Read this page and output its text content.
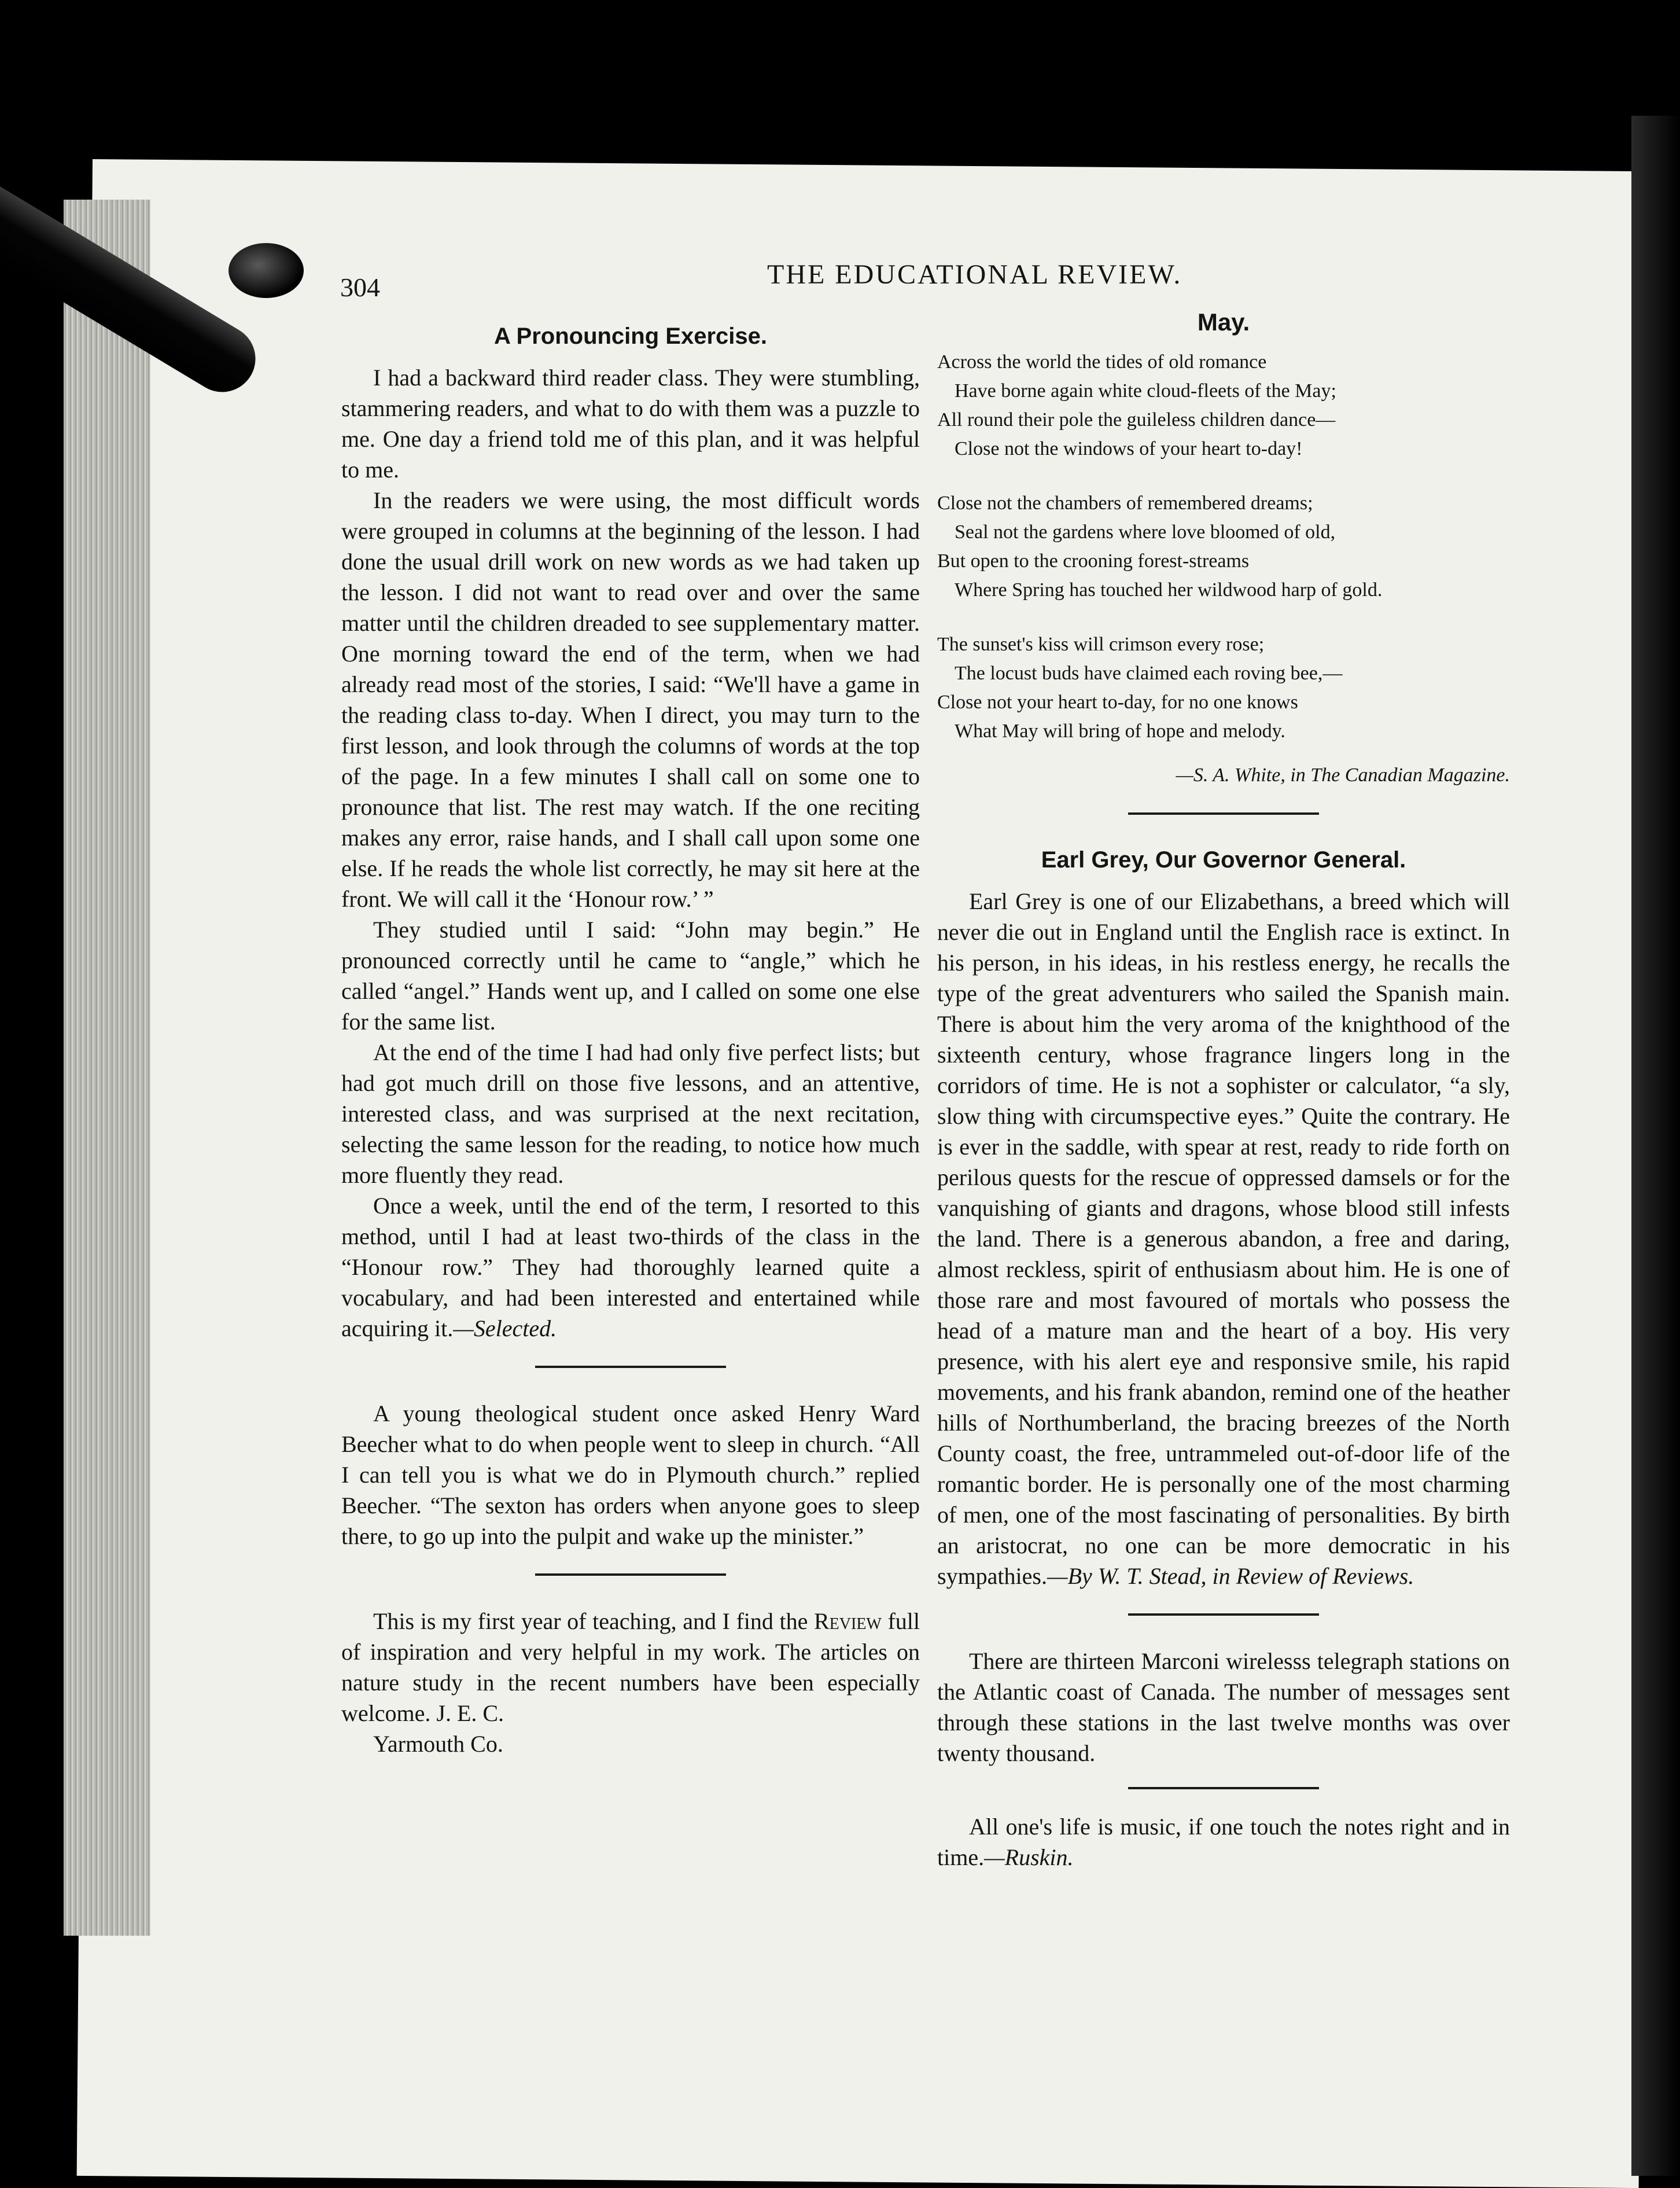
304	THE EDUCATIONAL REVIEW.
A Pronouncing Exercise.

I had a backward third reader class. They were stumbling, stammering readers, and what to do with them was a puzzle to me. One day a friend told me of this plan, and it was helpful to me.

In the readers we were using, the most difficult words were grouped in columns at the beginning of the lesson. I had done the usual drill work on new words as we had taken up the lesson. I did not want to read over and over the same matter until the children dreaded to see supplementary matter. One morning toward the end of the term, when we had already read most of the stories, I said: “We'll have a game in the reading class to-day. When I direct, you may turn to the first lesson, and look through the columns of words at the top of the page. In a few minutes I shall call on some one to pronounce that list. The rest may watch. If the one reciting makes any error, raise hands, and I shall call upon some one else. If he reads the whole list correctly, he may sit here at the front. We will call it the ‘Honour row.’ ”

They studied until I said: “John may begin.” He pronounced correctly until he came to “angle,” which he called “angel.” Hands went up, and I called on some one else for the same list.

At the end of the time I had had only five perfect lists; but had got much drill on those five lessons, and an attentive, interested class, and was surprised at the next recitation, selecting the same lesson for the reading, to notice how much more fluently they read.

Once a week, until the end of the term, I resorted to this method, until I had at least two-thirds of the class in the “Honour row.” They had thoroughly learned quite a vocabulary, and had been interested and entertained while acquiring it.—Selected.

A young theological student once asked Henry Ward Beecher what to do when people went to sleep in church. “All I can tell you is what we do in Plymouth church.” replied Beecher. “The sexton has orders when anyone goes to sleep there, to go up into the pulpit and wake up the minister.”

This is my first year of teaching, and I find the Review full of inspiration and very helpful in my work. The articles on nature study in the recent numbers have been especially welcome. J. E. C.

Yarmouth Co.

May.
Across the world the tides of old romance
Have borne again white cloud-fleets of the May;
All round their pole the guileless children dance—
Close not the windows of your heart to-day!
Close not the chambers of remembered dreams;
Seal not the gardens where love bloomed of old,
But open to the crooning forest-streams
Where Spring has touched her wildwood harp of gold.
The sunset's kiss will crimson every rose;
The locust buds have claimed each roving bee,—
Close not your heart to-day, for no one knows
What May will bring of hope and melody.
—S. A. White, in The Canadian Magazine.
Earl Grey, Our Governor General.

Earl Grey is one of our Elizabethans, a breed which will never die out in England until the English race is extinct. In his person, in his ideas, in his restless energy, he recalls the type of the great adventurers who sailed the Spanish main. There is about him the very aroma of the knighthood of the sixteenth century, whose fragrance lingers long in the corridors of time. He is not a sophister or calculator, “a sly, slow thing with circumspective eyes.” Quite the contrary. He is ever in the saddle, with spear at rest, ready to ride forth on perilous quests for the rescue of oppressed damsels or for the vanquishing of giants and dragons, whose blood still infests the land. There is a generous abandon, a free and daring, almost reckless, spirit of enthusiasm about him. He is one of those rare and most favoured of mortals who possess the head of a mature man and the heart of a boy. His very presence, with his alert eye and responsive smile, his rapid movements, and his frank abandon, remind one of the heather hills of Northumberland, the bracing breezes of the North County coast, the free, untrammeled out-of-door life of the romantic border. He is personally one of the most charming of men, one of the most fascinating of personalities. By birth an aristocrat, no one can be more democratic in his sympathies.—By W. T. Stead, in Review of Reviews.

There are thirteen Marconi wirelesss telegraph stations on the Atlantic coast of Canada. The number of messages sent through these stations in the last twelve months was over twenty thousand.

All one's life is music, if one touch the notes right and in time.—Ruskin.
